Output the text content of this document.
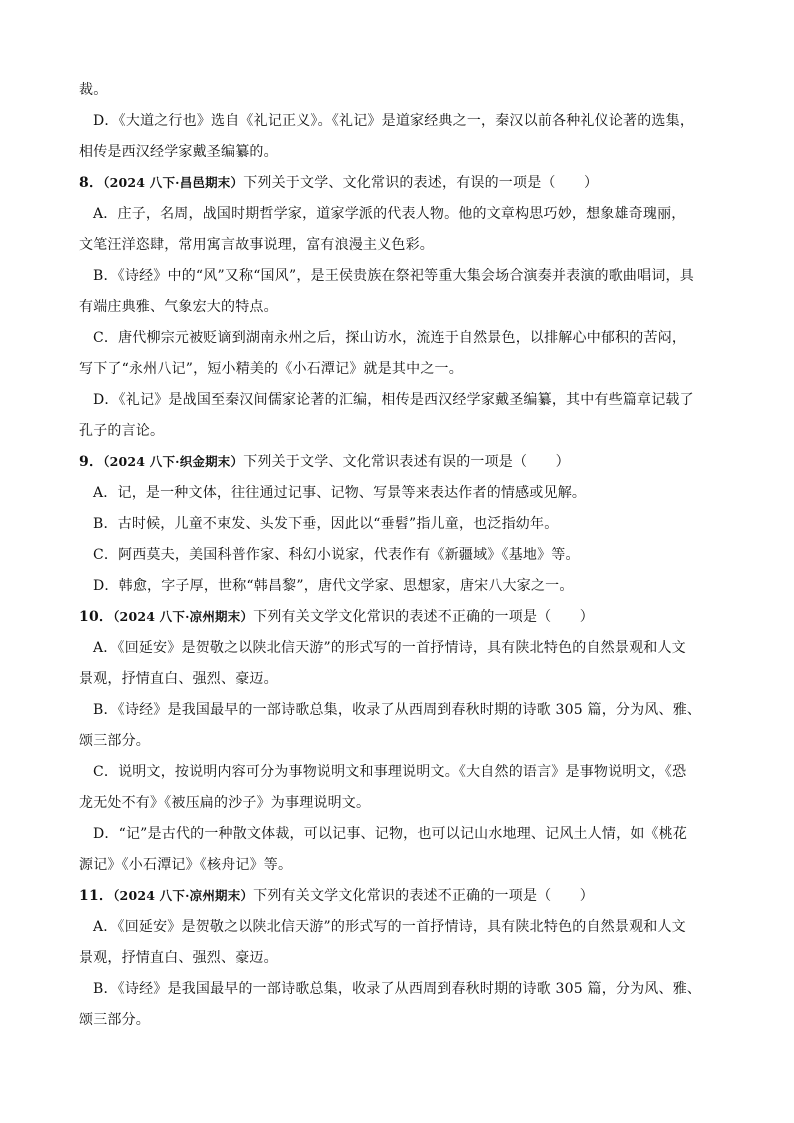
裁。
D．《大道之行也》选自《礼记正义》。《礼记》是道家经典之一，秦汉以前各种礼仪论著的选集，
相传是西汉经学家戴圣编纂的。
8．（2024 八下·昌邑期末）下列关于文学、文化常识的表述，有误的一项是（　　）
A．庄子，名周，战国时期哲学家，道家学派的代表人物。他的文章构思巧妙，想象雄奇瑰丽，
文笔汪洋恣肆，常用寓言故事说理，富有浪漫主义色彩。
B．《诗经》中的“风”又称“国风”，是王侯贵族在祭祀等重大集会场合演奏并表演的歌曲唱词，具
有端庄典雅、气象宏大的特点。
C．唐代柳宗元被贬谪到湖南永州之后，探山访水，流连于自然景色，以排解心中郁积的苦闷，
写下了“永州八记”，短小精美的《小石潭记》就是其中之一。
D．《礼记》是战国至秦汉间儒家论著的汇编，相传是西汉经学家戴圣编纂，其中有些篇章记载了
孔子的言论。
9．（2024 八下·织金期末）下列关于文学、文化常识表述有误的一项是（　　）
A．记，是一种文体，往往通过记事、记物、写景等来表达作者的情感或见解。
B．古时候，儿童不束发、头发下垂，因此以“垂髫”指儿童，也泛指幼年。
C．阿西莫夫，美国科普作家、科幻小说家，代表作有《新疆域》《基地》等。
D．韩愈，字子厚，世称“韩昌黎”，唐代文学家、思想家，唐宋八大家之一。
10．（2024 八下·凉州期末）下列有关文学文化常识的表述不正确的一项是（　　）
A．《回延安》是贺敬之以陕北信天游”的形式写的一首抒情诗，具有陕北特色的自然景观和人文
景观，抒情直白、强烈、豪迈。
B．《诗经》是我国最早的一部诗歌总集，收录了从西周到春秋时期的诗歌 305 篇，分为风、雅、
颂三部分。
C．说明文，按说明内容可分为事物说明文和事理说明文。《大自然的语言》是事物说明文，《恐
龙无处不有》《被压扁的沙子》为事理说明文。
D．“记”是古代的一种散文体裁，可以记事、记物，也可以记山水地理、记风土人情，如《桃花
源记》《小石潭记》《核舟记》等。
11．（2024 八下·凉州期末）下列有关文学文化常识的表述不正确的一项是（　　）
A．《回延安》是贺敬之以陕北信天游”的形式写的一首抒情诗，具有陕北特色的自然景观和人文
景观，抒情直白、强烈、豪迈。
B．《诗经》是我国最早的一部诗歌总集，收录了从西周到春秋时期的诗歌 305 篇，分为风、雅、
颂三部分。
